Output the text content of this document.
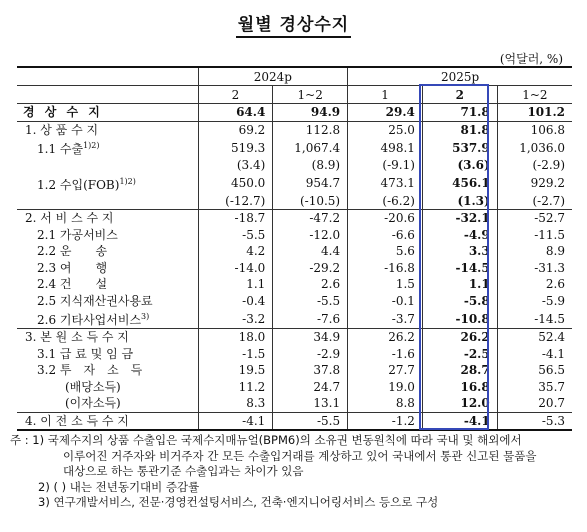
월별 경상수지
(억달러, %)
	2024p		2025p		
	2	1~2	1	2	1~2
경 상 수 지	64.4	94.9	29.4	71.8	101.2
1. 상 품 수 지	69.2	112.8	25.0	81.8	106.8
1.1 수출$^{1)2)}$	519.3	1,067.4	498.1	537.9	1,036.0
	(3.4)	(8.9)	(-9.1)	(3.6)	(-2.9)
1.2 수입(FOB)$^{1)2)}$	450.0	954.7	473.1	456.1	929.2
	(-12.7)	(-10.5)	(-6.2)	(1.3)	(-2.7)
2. 서 비 스 수 지	-18.7	-47.2	-20.6	-32.1	-52.7
2.1 가공서비스	-5.5	-12.0	-6.6	-4.9	-11.5
2.2 운　　송	4.2	4.4	5.6	3.3	8.9
2.3 여　　행	-14.0	-29.2	-16.8	-14.5	-31.3
2.4 건　　설	1.1	2.6	1.5	1.1	2.6
2.5 지식재산권사용료	-0.4	-5.5	-0.1	-5.8	-5.9
2.6 기타사업서비스$^{3)}$	-3.2	-7.6	-3.7	-10.8	-14.5
3. 본 원 소 득 수 지	18.0	34.9	26.2	26.2	52.4
3.1 급 료 및 임 금	-1.5	-2.9	-1.6	-2.5	-4.1
3.2 투　자　소　득	19.5	37.8	27.7	28.7	56.5
(배당소득)	11.2	24.7	19.0	16.8	35.7
(이자소득)	8.3	13.1	8.8	12.0	20.7
4. 이 전 소 득 수 지	-4.1	-5.5	-1.2	-4.1	-5.3
주 : 1) 국제수지의 상품 수출입은 국제수지매뉴얼(BPM6)의 소유권 변동원칙에 따라 국내 및 해외에서
이루어진 거주자와 비거주자 간 모든 수출입거래를 계상하고 있어 국내에서 통관 신고된 물품을
대상으로 하는 통관기준 수출입과는 차이가 있음
2) ( ) 내는 전년동기대비 증감률
3) 연구개발서비스, 전문·경영컨설팅서비스, 건축·엔지니어링서비스 등으로 구성
